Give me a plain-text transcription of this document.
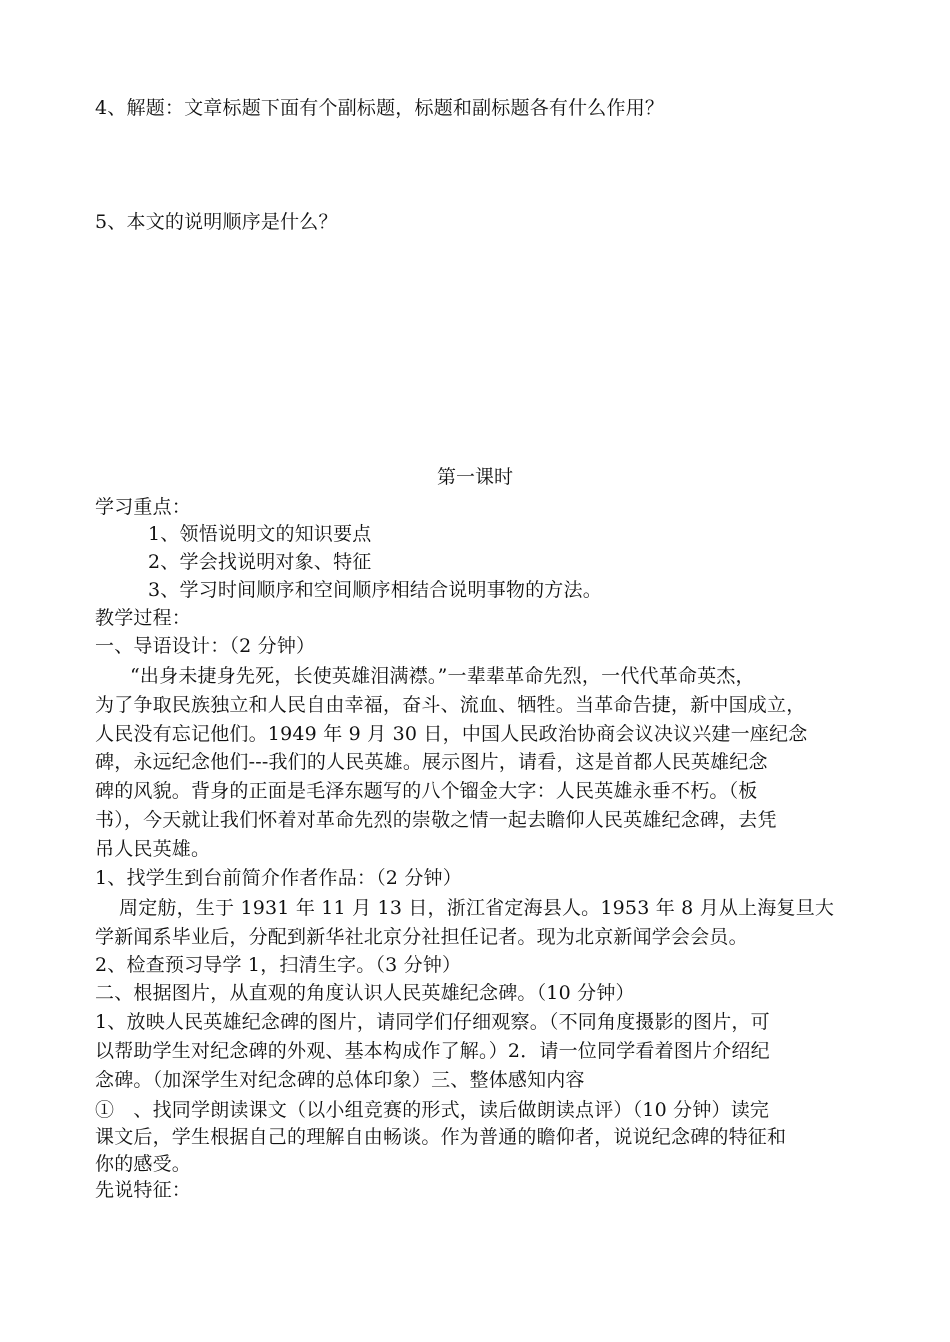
4、解题：文章标题下面有个副标题，标题和副标题各有什么作用？
5、本文的说明顺序是什么？
第一课时
学习重点：
1、领悟说明文的知识要点
2、学会找说明对象、特征
3、学习时间顺序和空间顺序相结合说明事物的方法。
教学过程：
一、导语设计：（2 分钟）
“出身未捷身先死，长使英雄泪满襟。”一辈辈革命先烈，一代代革命英杰，
为了争取民族独立和人民自由幸福，奋斗、流血、牺牲。当革命告捷，新中国成立，
人民没有忘记他们。1949 年 9 月 30 日，中国人民政治协商会议决议兴建一座纪念
碑，永远纪念他们---我们的人民英雄。展示图片，请看，这是首都人民英雄纪念
碑的风貌。背身的正面是毛泽东题写的八个镏金大字：人民英雄永垂不朽。（板
书），今天就让我们怀着对革命先烈的崇敬之情一起去瞻仰人民英雄纪念碑，去凭
吊人民英雄。
1、找学生到台前简介作者作品：（2 分钟）
周定舫，生于 1931 年 11 月 13 日，浙江省定海县人。1953 年 8 月从上海复旦大
学新闻系毕业后，分配到新华社北京分社担任记者。现为北京新闻学会会员。
2、检查预习导学 1，扫清生字。（3 分钟）
二、根据图片，从直观的角度认识人民英雄纪念碑。（10 分钟）
1、放映人民英雄纪念碑的图片，请同学们仔细观察。（不同角度摄影的图片，可
以帮助学生对纪念碑的外观、基本构成作了解。）2．请一位同学看着图片介绍纪
念碑。（加深学生对纪念碑的总体印象）三、整体感知内容
①　、找同学朗读课文（以小组竞赛的形式，读后做朗读点评）（10 分钟）读完
课文后，学生根据自己的理解自由畅谈。作为普通的瞻仰者，说说纪念碑的特征和
你的感受。
先说特征：
